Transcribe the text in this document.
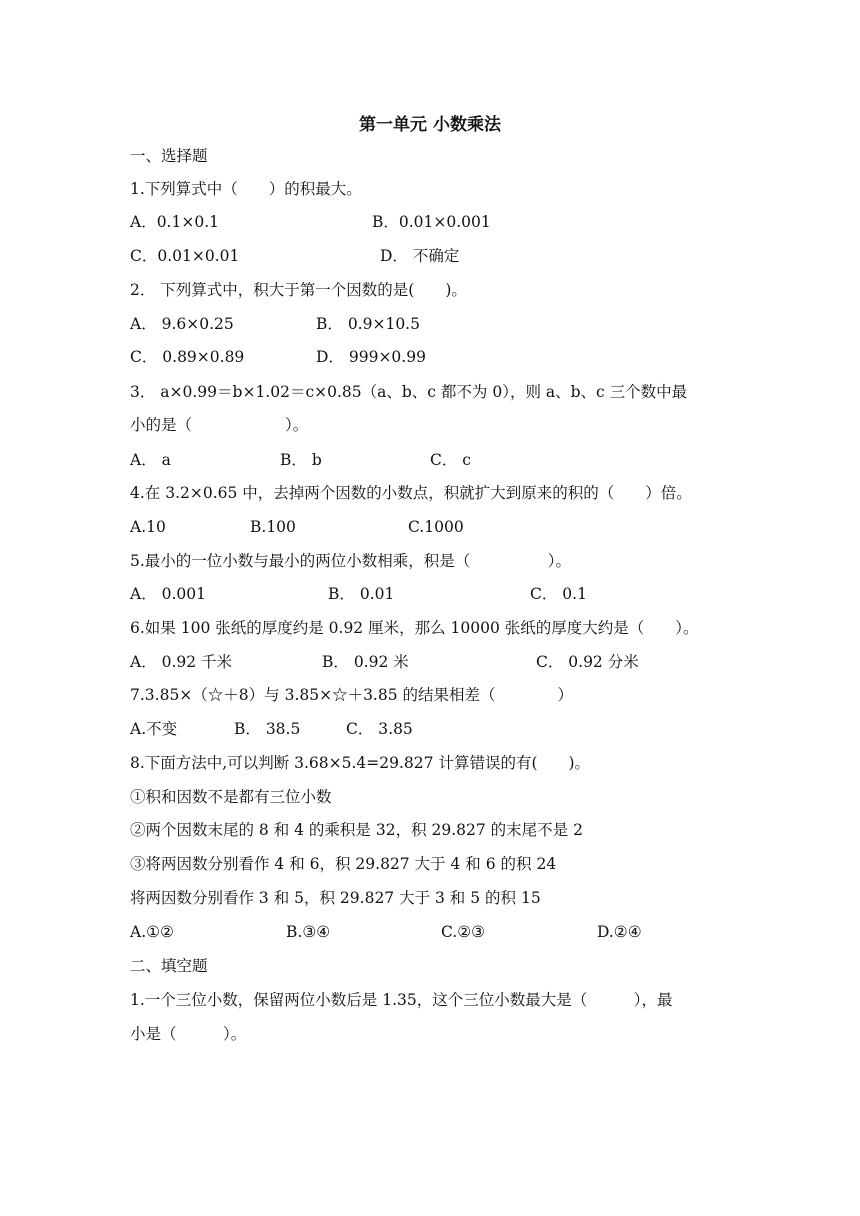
第一单元 小数乘法
一、选择题
1.下列算式中（　　）的积最大。
A．0.1×0.1	B．0.01×0.001
C．0.01×0.01	D． 不确定
2． 下列算式中，积大于第一个因数的是(　　)。
A． 9.6×0.25	B． 0.9×10.5
C． 0.89×0.89	D． 999×0.99
3． a×0.99＝b×1.02＝c×0.85（a、b、c 都不为 0），则 a、b、c 三个数中最
小的是（　　　　　　）。
A． a	B． b	C． c
4.在 3.2×0.65 中，去掉两个因数的小数点，积就扩大到原来的积的（　　）倍。
A.10	B.100	C.1000
5.最小的一位小数与最小的两位小数相乘，积是（　　　　　）。
A． 0.001	B． 0.01	C． 0.1
6.如果 100 张纸的厚度约是 0.92 厘米，那么 10000 张纸的厚度大约是（　　）。
A． 0.92 千米	B． 0.92 米	C． 0.92 分米
7.3.85×（☆＋8）与 3.85×☆＋3.85 的结果相差（　　　　）
A.不变	B． 38.5	C． 3.85
8.下面方法中,可以判断 3.68×5.4=29.827 计算错误的有(　　)。
①积和因数不是都有三位小数
②两个因数末尾的 8 和 4 的乘积是 32，积 29.827 的末尾不是 2
③将两因数分别看作 4 和 6，积 29.827 大于 4 和 6 的积 24
将两因数分别看作 3 和 5，积 29.827 大于 3 和 5 的积 15
A.①②	B.③④	C.②③	D.②④
二、填空题
1.一个三位小数，保留两位小数后是 1.35，这个三位小数最大是（　　　），最
小是（　　　）。
